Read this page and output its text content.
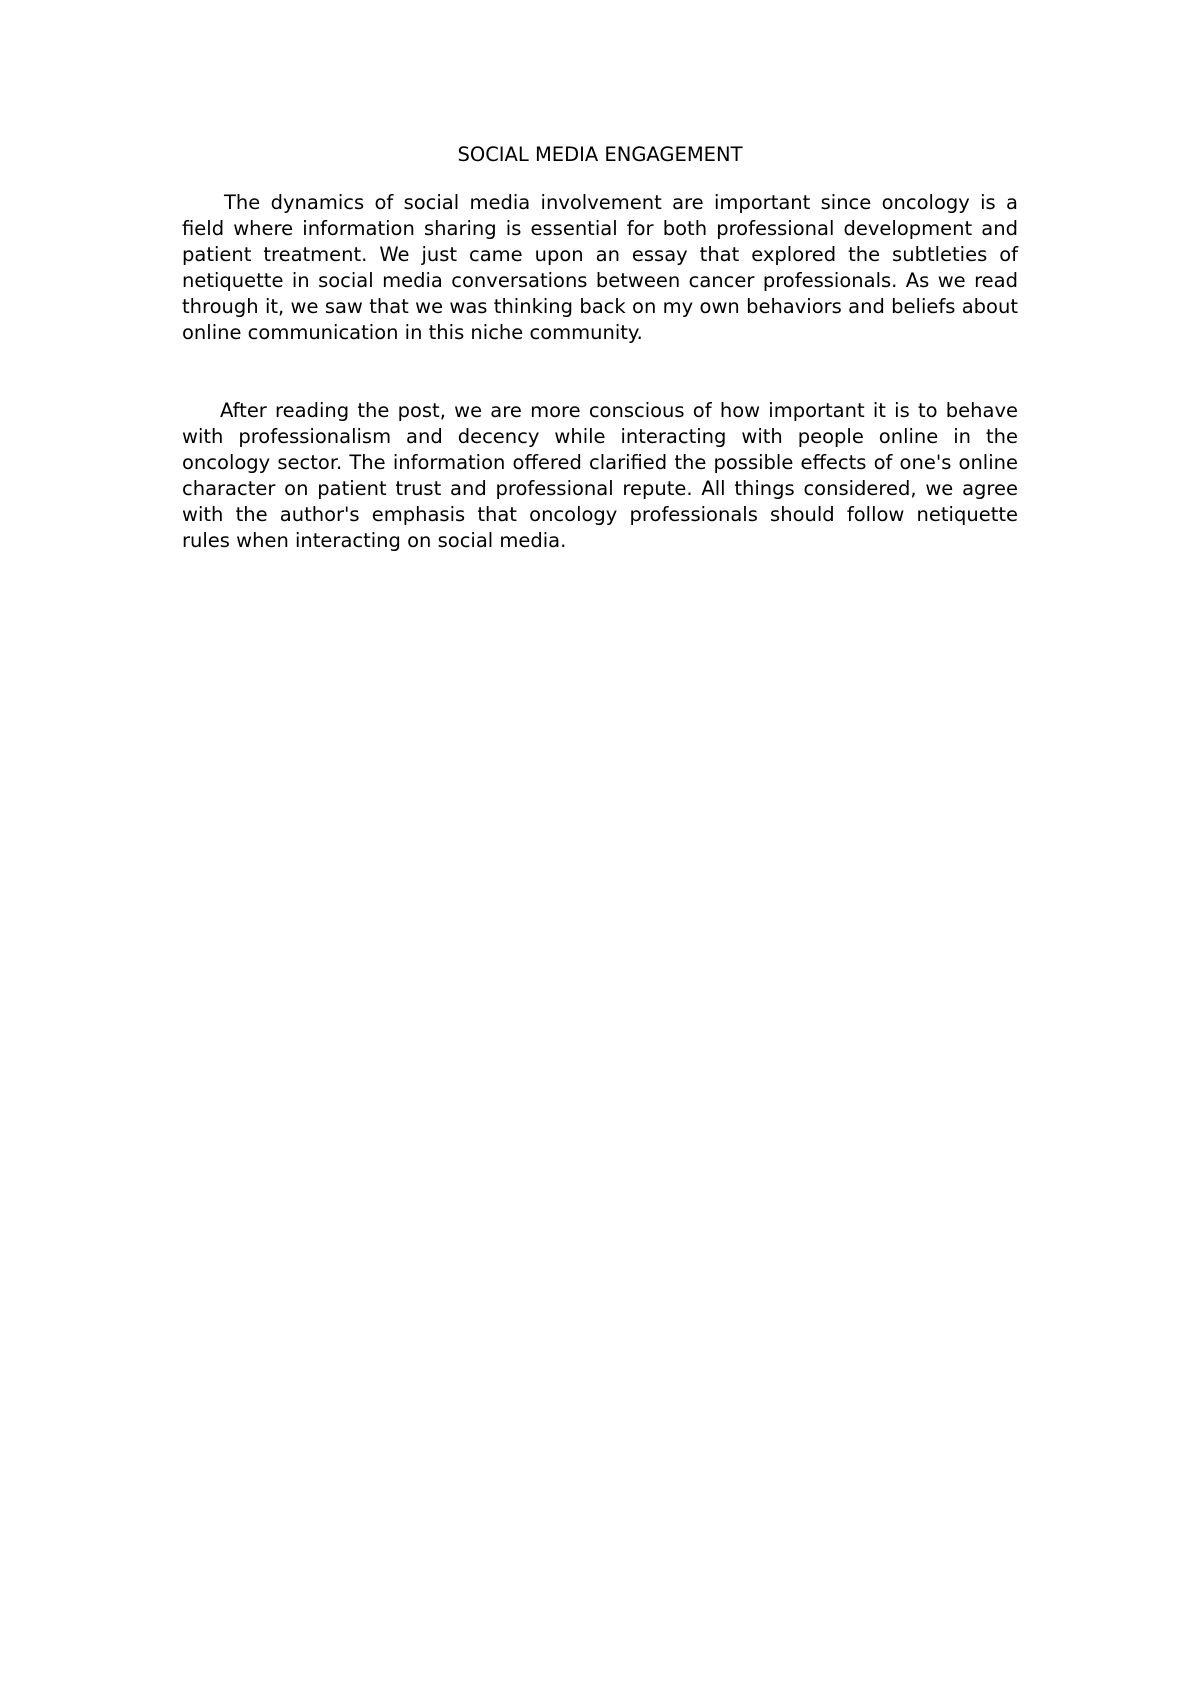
SOCIAL MEDIA ENGAGEMENT

The dynamics of social media involvement are important since oncology is a field where information sharing is essential for both professional development and patient treatment. We just came upon an essay that explored the subtleties of netiquette in social media conversations between cancer professionals. As we read through it, we saw that we was thinking back on my own behaviors and beliefs about online communication in this niche community.

After reading the post, we are more conscious of how important it is to behave with professionalism and decency while interacting with people online in the oncology sector. The information offered clarified the possible effects of one's online character on patient trust and professional repute. All things considered, we agree with the author's emphasis that oncology professionals should follow netiquette rules when interacting on social media.
